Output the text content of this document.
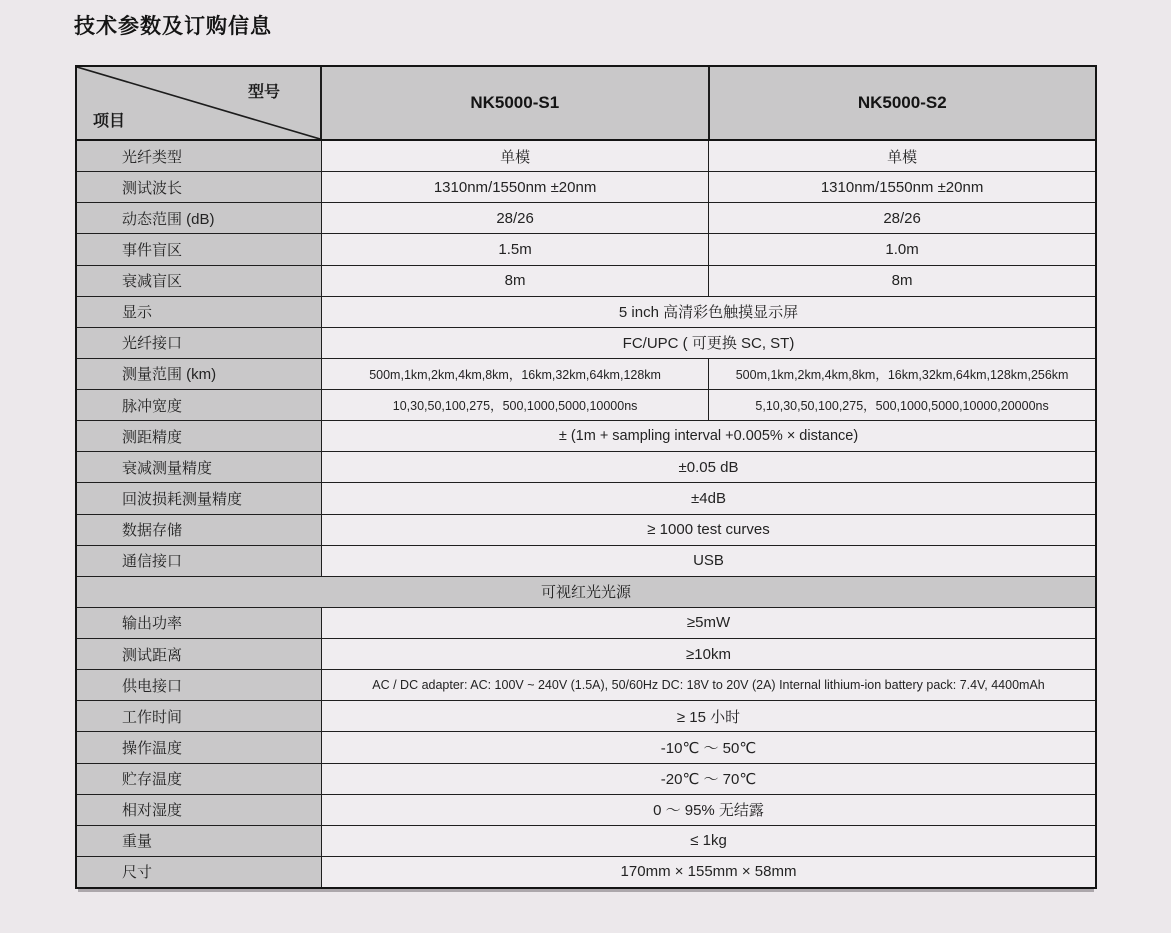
技术参数及订购信息
型号
项目
NK5000-S1	NK5000-S2
光纤类型	单模	单模
测试波长	1310nm/1550nm ±20nm	1310nm/1550nm ±20nm
动态范围 (dB)	28/26	28/26
事件盲区	1.5m	1.0m
衰减盲区	8m	8m
显示	5 inch 高清彩色触摸显示屏
光纤接口	FC/UPC ( 可更换 SC, ST)
测量范围 (km)	500m,1km,2km,4km,8km，16km,32km,64km,128km	500m,1km,2km,4km,8km，16km,32km,64km,128km,256km
脉冲宽度	10,30,50,100,275，500,1000,5000,10000ns	5,10,30,50,100,275，500,1000,5000,10000,20000ns
测距精度	± (1m + sampling interval +0.005% × distance)
衰减测量精度	±0.05 dB
回波损耗测量精度	±4dB
数据存储	≥ 1000 test curves
通信接口	USB
可视红光光源
输出功率	≥5mW
测试距离	≥10km
供电接口	AC / DC adapter: AC: 100V ~ 240V (1.5A), 50/60Hz DC: 18V to 20V (2A) Internal lithium-ion battery pack: 7.4V, 4400mAh
工作时间	≥ 15 小时
操作温度	-10℃ ～ 50℃
贮存温度	-20℃ ～ 70℃
相对湿度	0 ～ 95% 无结露
重量	≤ 1kg
尺寸	170mm × 155mm × 58mm
